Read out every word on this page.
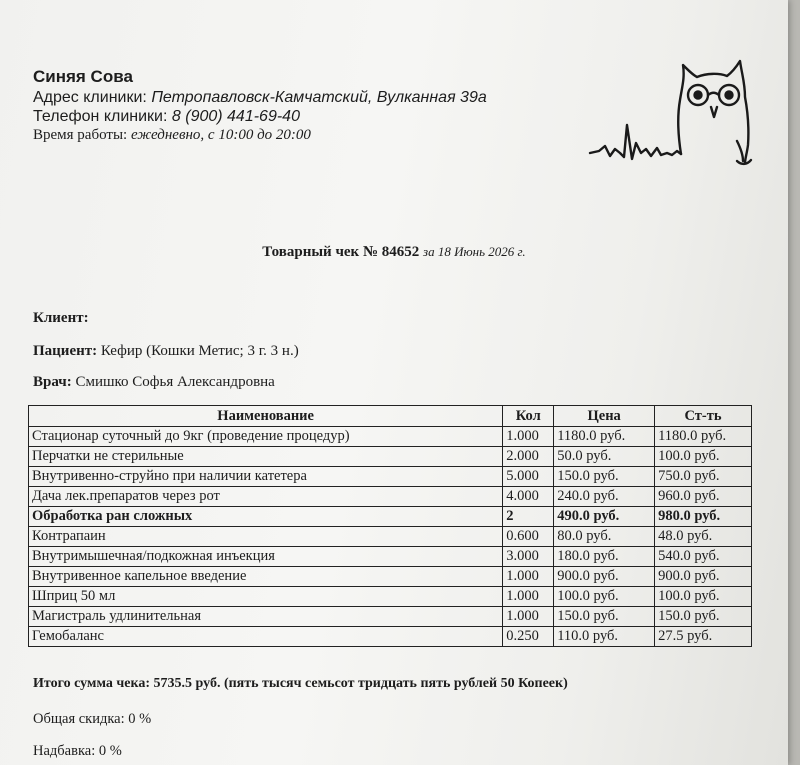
Синяя Сова
Адрес клиники: Петропавловск-Камчатский, Вулканная 39а
Телефон клиники: 8 (900) 441-69-40
Время работы: ежедневно, с 10:00 до 20:00
Товарный чек № 84652 за 18 Июнь 2026 г.
Клиент:
Пациент: Кефир (Кошки Метис; 3 г. 3 н.)
Врач: Смишко Софья Александровна
Наименование	Кол	Цена	Ст-ть
Стационар суточный до 9кг (проведение процедур)	1.000	1180.0 руб.	1180.0 руб.
Перчатки не стерильные	2.000	50.0 руб.	100.0 руб.
Внутривенно-струйно при наличии катетера	5.000	150.0 руб.	750.0 руб.
Дача лек.препаратов через рот	4.000	240.0 руб.	960.0 руб.
Обработка ран сложных	2	490.0 руб.	980.0 руб.
Контрапаин	0.600	80.0 руб.	48.0 руб.
Внутримышечная/подкожная инъекция	3.000	180.0 руб.	540.0 руб.
Внутривенное капельное введение	1.000	900.0 руб.	900.0 руб.
Шприц 50 мл	1.000	100.0 руб.	100.0 руб.
Магистраль удлинительная	1.000	150.0 руб.	150.0 руб.
Гемобаланс	0.250	110.0 руб.	27.5 руб.
Итого сумма чека: 5735.5 руб. (пять тысяч семьсот тридцать пять рублей 50 Копеек)
Общая скидка: 0 %
Надбавка: 0 %
